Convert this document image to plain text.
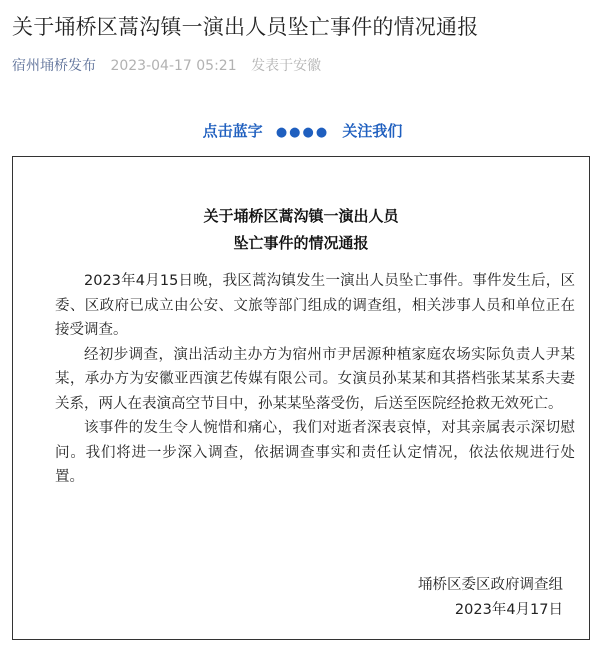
关于埇桥区蒿沟镇一演出人员坠亡事件的情况通报
宿州埇桥发布 2023-04-17 05:21 发表于安徽
点击蓝字 ●●●● 关注我们
关于埇桥区蒿沟镇一演出人员
坠亡事件的情况通报

2023年4月15日晚，我区蒿沟镇发生一演出人员坠亡事件。事件发生后，区委、区政府已成立由公安、文旅等部门组成的调查组，相关涉事人员和单位正在接受调查。

经初步调查，演出活动主办方为宿州市尹居源种植家庭农场实际负责人尹某某，承办方为安徽亚西演艺传媒有限公司。女演员孙某某和其搭档张某某系夫妻关系，两人在表演高空节目中，孙某某坠落受伤，后送至医院经抢救无效死亡。

该事件的发生令人惋惜和痛心，我们对逝者深表哀悼，对其亲属表示深切慰问。我们将进一步深入调查，依据调查事实和责任认定情况，依法依规进行处置。

埇桥区委区政府调查组
2023年4月17日
